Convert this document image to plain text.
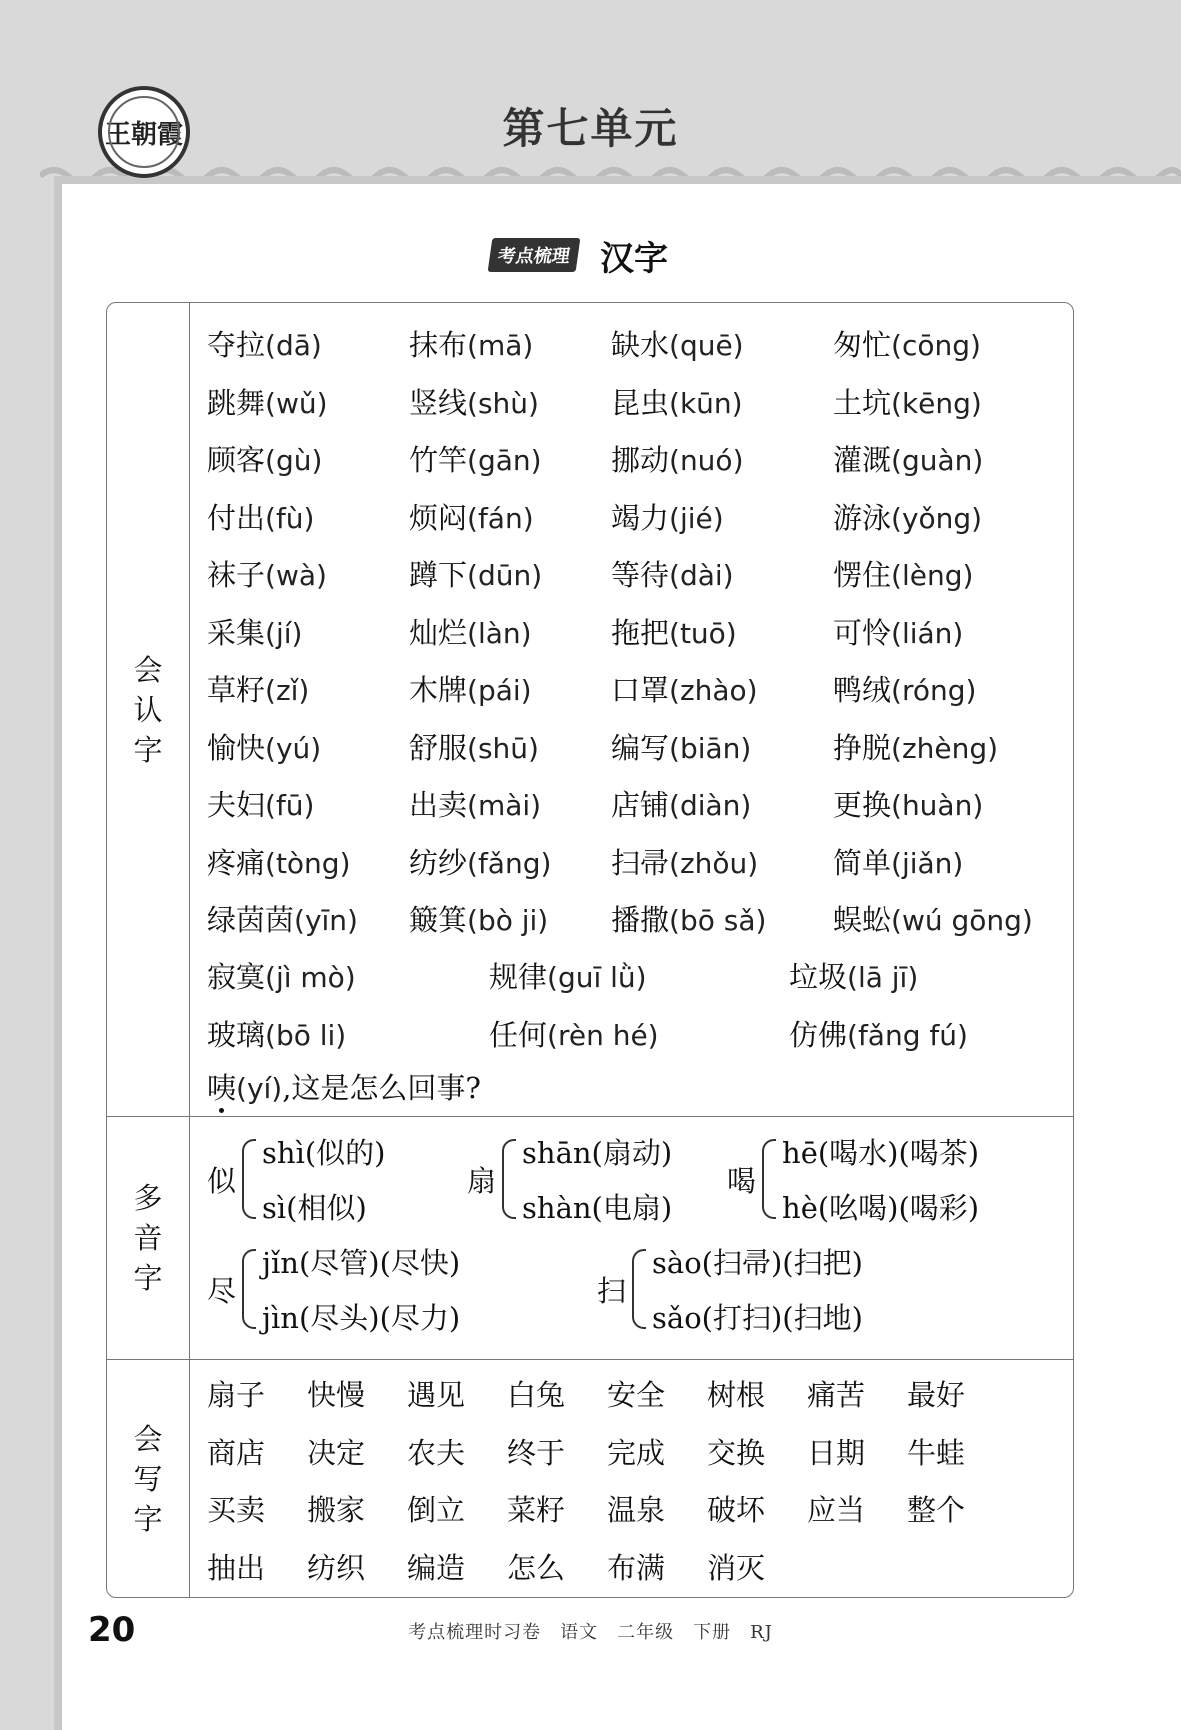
王朝霞	第七单元
考点梳理 汉字
会
认
字
夺拉(dā)	抹布(mā)	缺水(quē)	匆忙(cōng)
跳舞(wǔ)	竖线(shù)	昆虫(kūn)	土坑(kēng)
顾客(gù)	竹竿(gān)	挪动(nuó)	灌溉(guàn)
付出(fù)	烦闷(fán)	竭力(jié)	游泳(yǒng)
袜子(wà)	蹲下(dūn)	等待(dài)	愣住(lèng)
采集(jí)	灿烂(làn)	拖把(tuō)	可怜(lián)
草籽(zǐ)	木牌(pái)	口罩(zhào)	鸭绒(róng)
愉快(yú)	舒服(shū)	编写(biān)	挣脱(zhèng)
夫妇(fū)	出卖(mài)	店铺(diàn)	更换(huàn)
疼痛(tòng)	纺纱(fǎng)	扫帚(zhǒu)	简单(jiǎn)
绿茵茵(yīn)	簸箕(bò ji)	播撒(bō sǎ)	蜈蚣(wú gōng)
寂寞(jì mò)	规律(guī lǜ)	垃圾(lā jī)
玻璃(bō li)	任何(rèn hé)	仿佛(fǎng fú)
咦(yí),这是怎么回事?
多
音
字
似
shì(似的)
sì(相似)
扇
shān(扇动)
shàn(电扇)
喝
hē(喝水)(喝茶)
hè(吆喝)(喝彩)
尽
jǐn(尽管)(尽快)
jìn(尽头)(尽力)
扫
sào(扫帚)(扫把)
sǎo(打扫)(扫地)
会
写
字
扇子	快慢	遇见	白兔	安全	树根	痛苦	最好
商店	决定	农夫	终于	完成	交换	日期	牛蛙
买卖	搬家	倒立	菜籽	温泉	破坏	应当	整个
抽出	纺织	编造	怎么	布满	消灭
20	考点梳理时习卷　语文　二年级　下册　RJ
